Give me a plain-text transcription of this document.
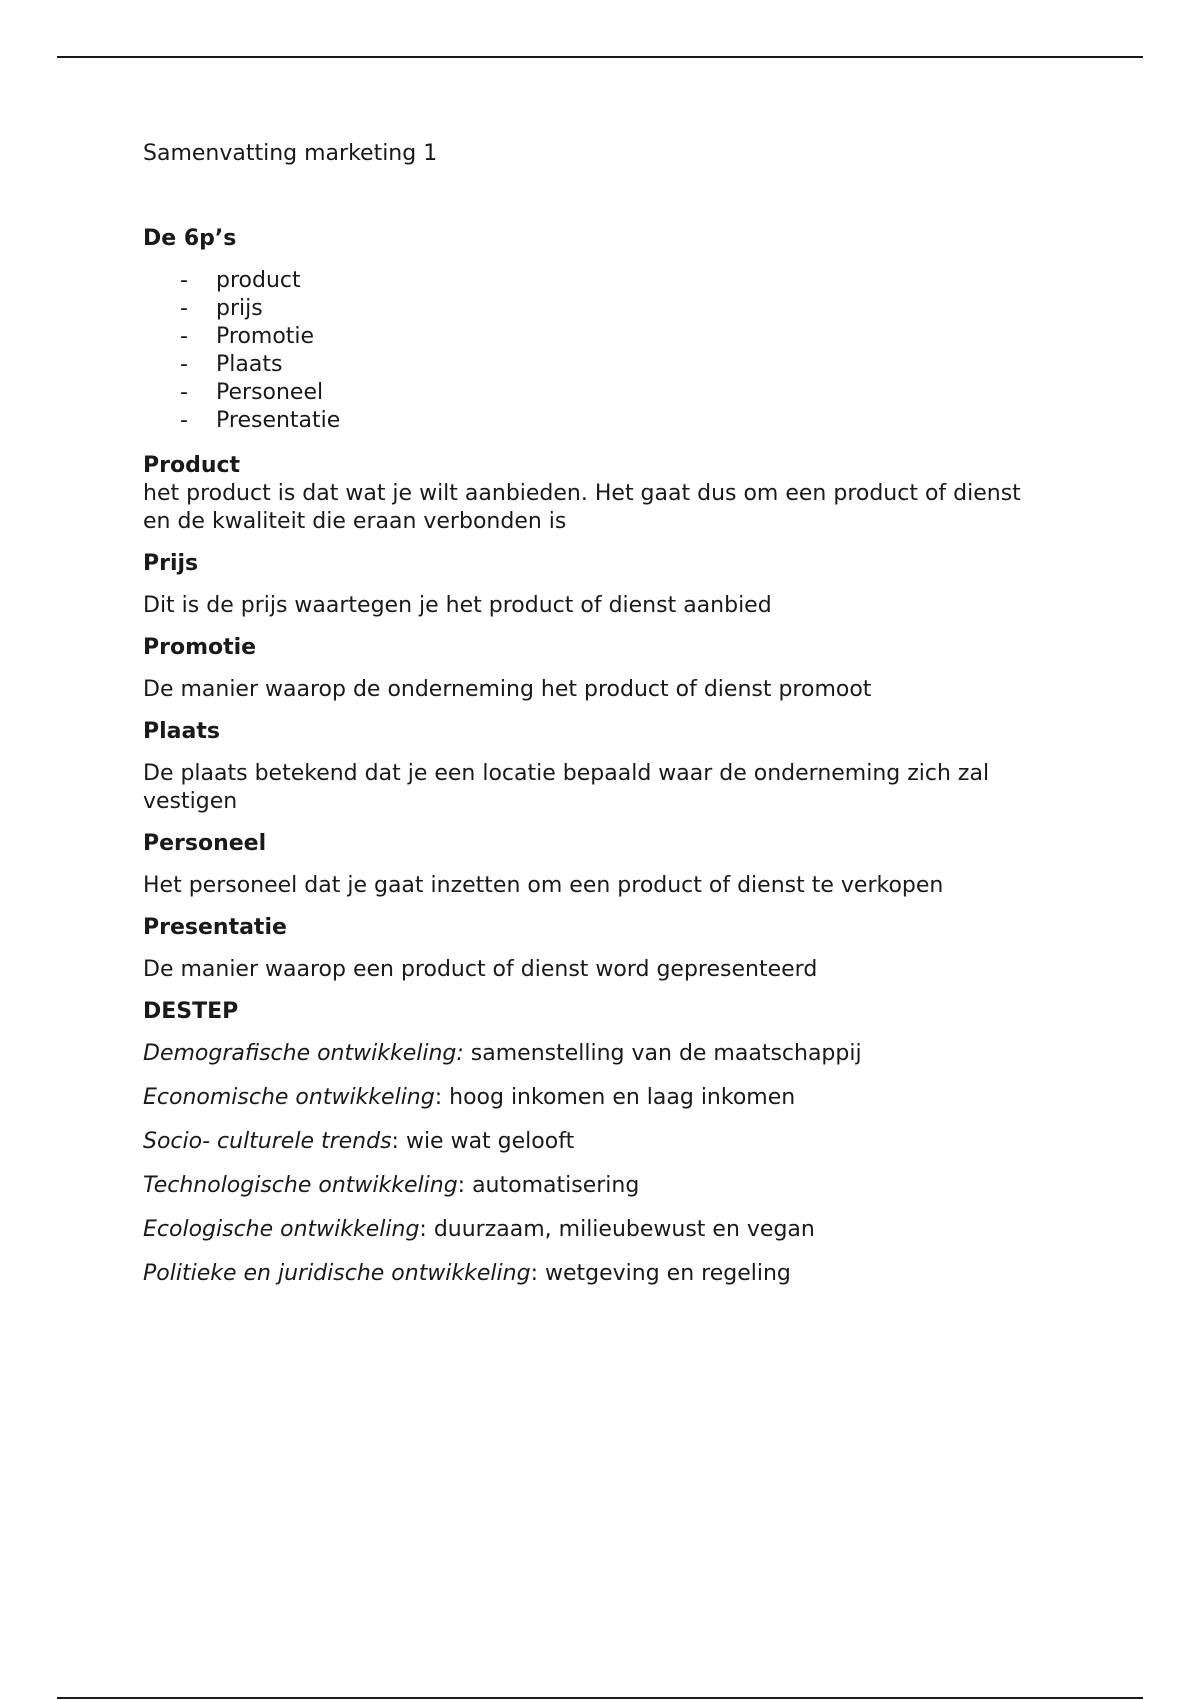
Samenvatting marketing 1

De 6p’s

- product
- prijs
- Promotie
- Plaats
- Personeel
- Presentatie

Product

het product is dat wat je wilt aanbieden. Het gaat dus om een product of dienst en de kwaliteit die eraan verbonden is

Prijs

Dit is de prijs waartegen je het product of dienst aanbied

Promotie

De manier waarop de onderneming het product of dienst promoot

Plaats

De plaats betekend dat je een locatie bepaald waar de onderneming zich zal vestigen

Personeel

Het personeel dat je gaat inzetten om een product of dienst te verkopen

Presentatie

De manier waarop een product of dienst word gepresenteerd

DESTEP

Demografische ontwikkeling: samenstelling van de maatschappij

Economische ontwikkeling: hoog inkomen en laag inkomen

Socio- culturele trends: wie wat gelooft

Technologische ontwikkeling: automatisering

Ecologische ontwikkeling: duurzaam, milieubewust en vegan

Politieke en juridische ontwikkeling: wetgeving en regeling
